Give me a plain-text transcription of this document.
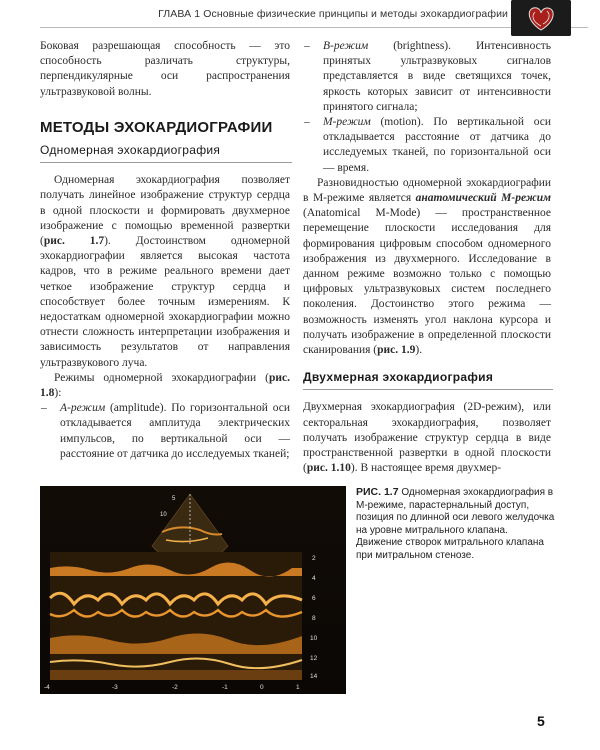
ГЛАВА 1 Основные физические принципы и методы эхокардиографии

Боковая разрешающая способность — это способность различать структуры, перпендикулярные оси распространения ультразвуковой волны.

МЕТОДЫ ЭХОКАРДИОГРАФИИ
Одномерная эхокардиография

Одномерная эхокардиография позволяет получать линейное изображение структур сердца в одной плоскости и формировать двухмерное изображение с помощью временной развертки (рис. 1.7). Достоинством одномерной эхокардиографии является высокая частота кадров, что в режиме реального времени дает четкое изображение структур сердца и способствует более точным измерениям. К недостаткам одномерной эхокардиографии можно отнести сложность интерпретации изображения и зависимость результатов от направления ультразвукового луча.

Режимы одномерной эхокардиографии (рис. 1.8):

– А-режим (amplitude). По горизонтальной оси откладывается амплитуда электрических импульсов, по вертикальной оси — расстояние от датчика до исследуемых тканей;

– В-режим (brightness). Интенсивность принятых ультразвуковых сигналов представляется в виде светящихся точек, яркость которых зависит от интенсивности принятого сигнала;

– М-режим (motion). По вертикальной оси откладывается расстояние от датчика до исследуемых тканей, по горизонтальной оси — время.

Разновидностью одномерной эхокардиографии в М-режиме является анатомический М-режим (Anatomical M-Mode) — пространственное перемещение плоскости исследования для формирования цифровым способом одномерного изображения из двухмерного. Исследование в данном режиме возможно только с помощью цифровых ультразвуковых систем последнего поколения. Достоинство этого режима — возможность изменять угол наклона курсора и получать изображение в определенной плоскости сканирования (рис. 1.9).

Двухмерная эхокардиография

Двухмерная эхокардиография (2D-режим), или секторальная эхокардиография, позволяет получать изображение структур сердца в виде пространственной развертки в одной плоскости (рис. 1.10). В настоящее время двухмер-

5
10
2
4
6
8
10
12
14
-4	-3	-2	-1	0	1
РИС. 1.7 Одномерная эхокардиография в М-режиме, парастернальный доступ, позиция по длинной оси левого желудочка на уровне митрального клапана. Движение створок митрального клапана при митральном стенозе.
5
